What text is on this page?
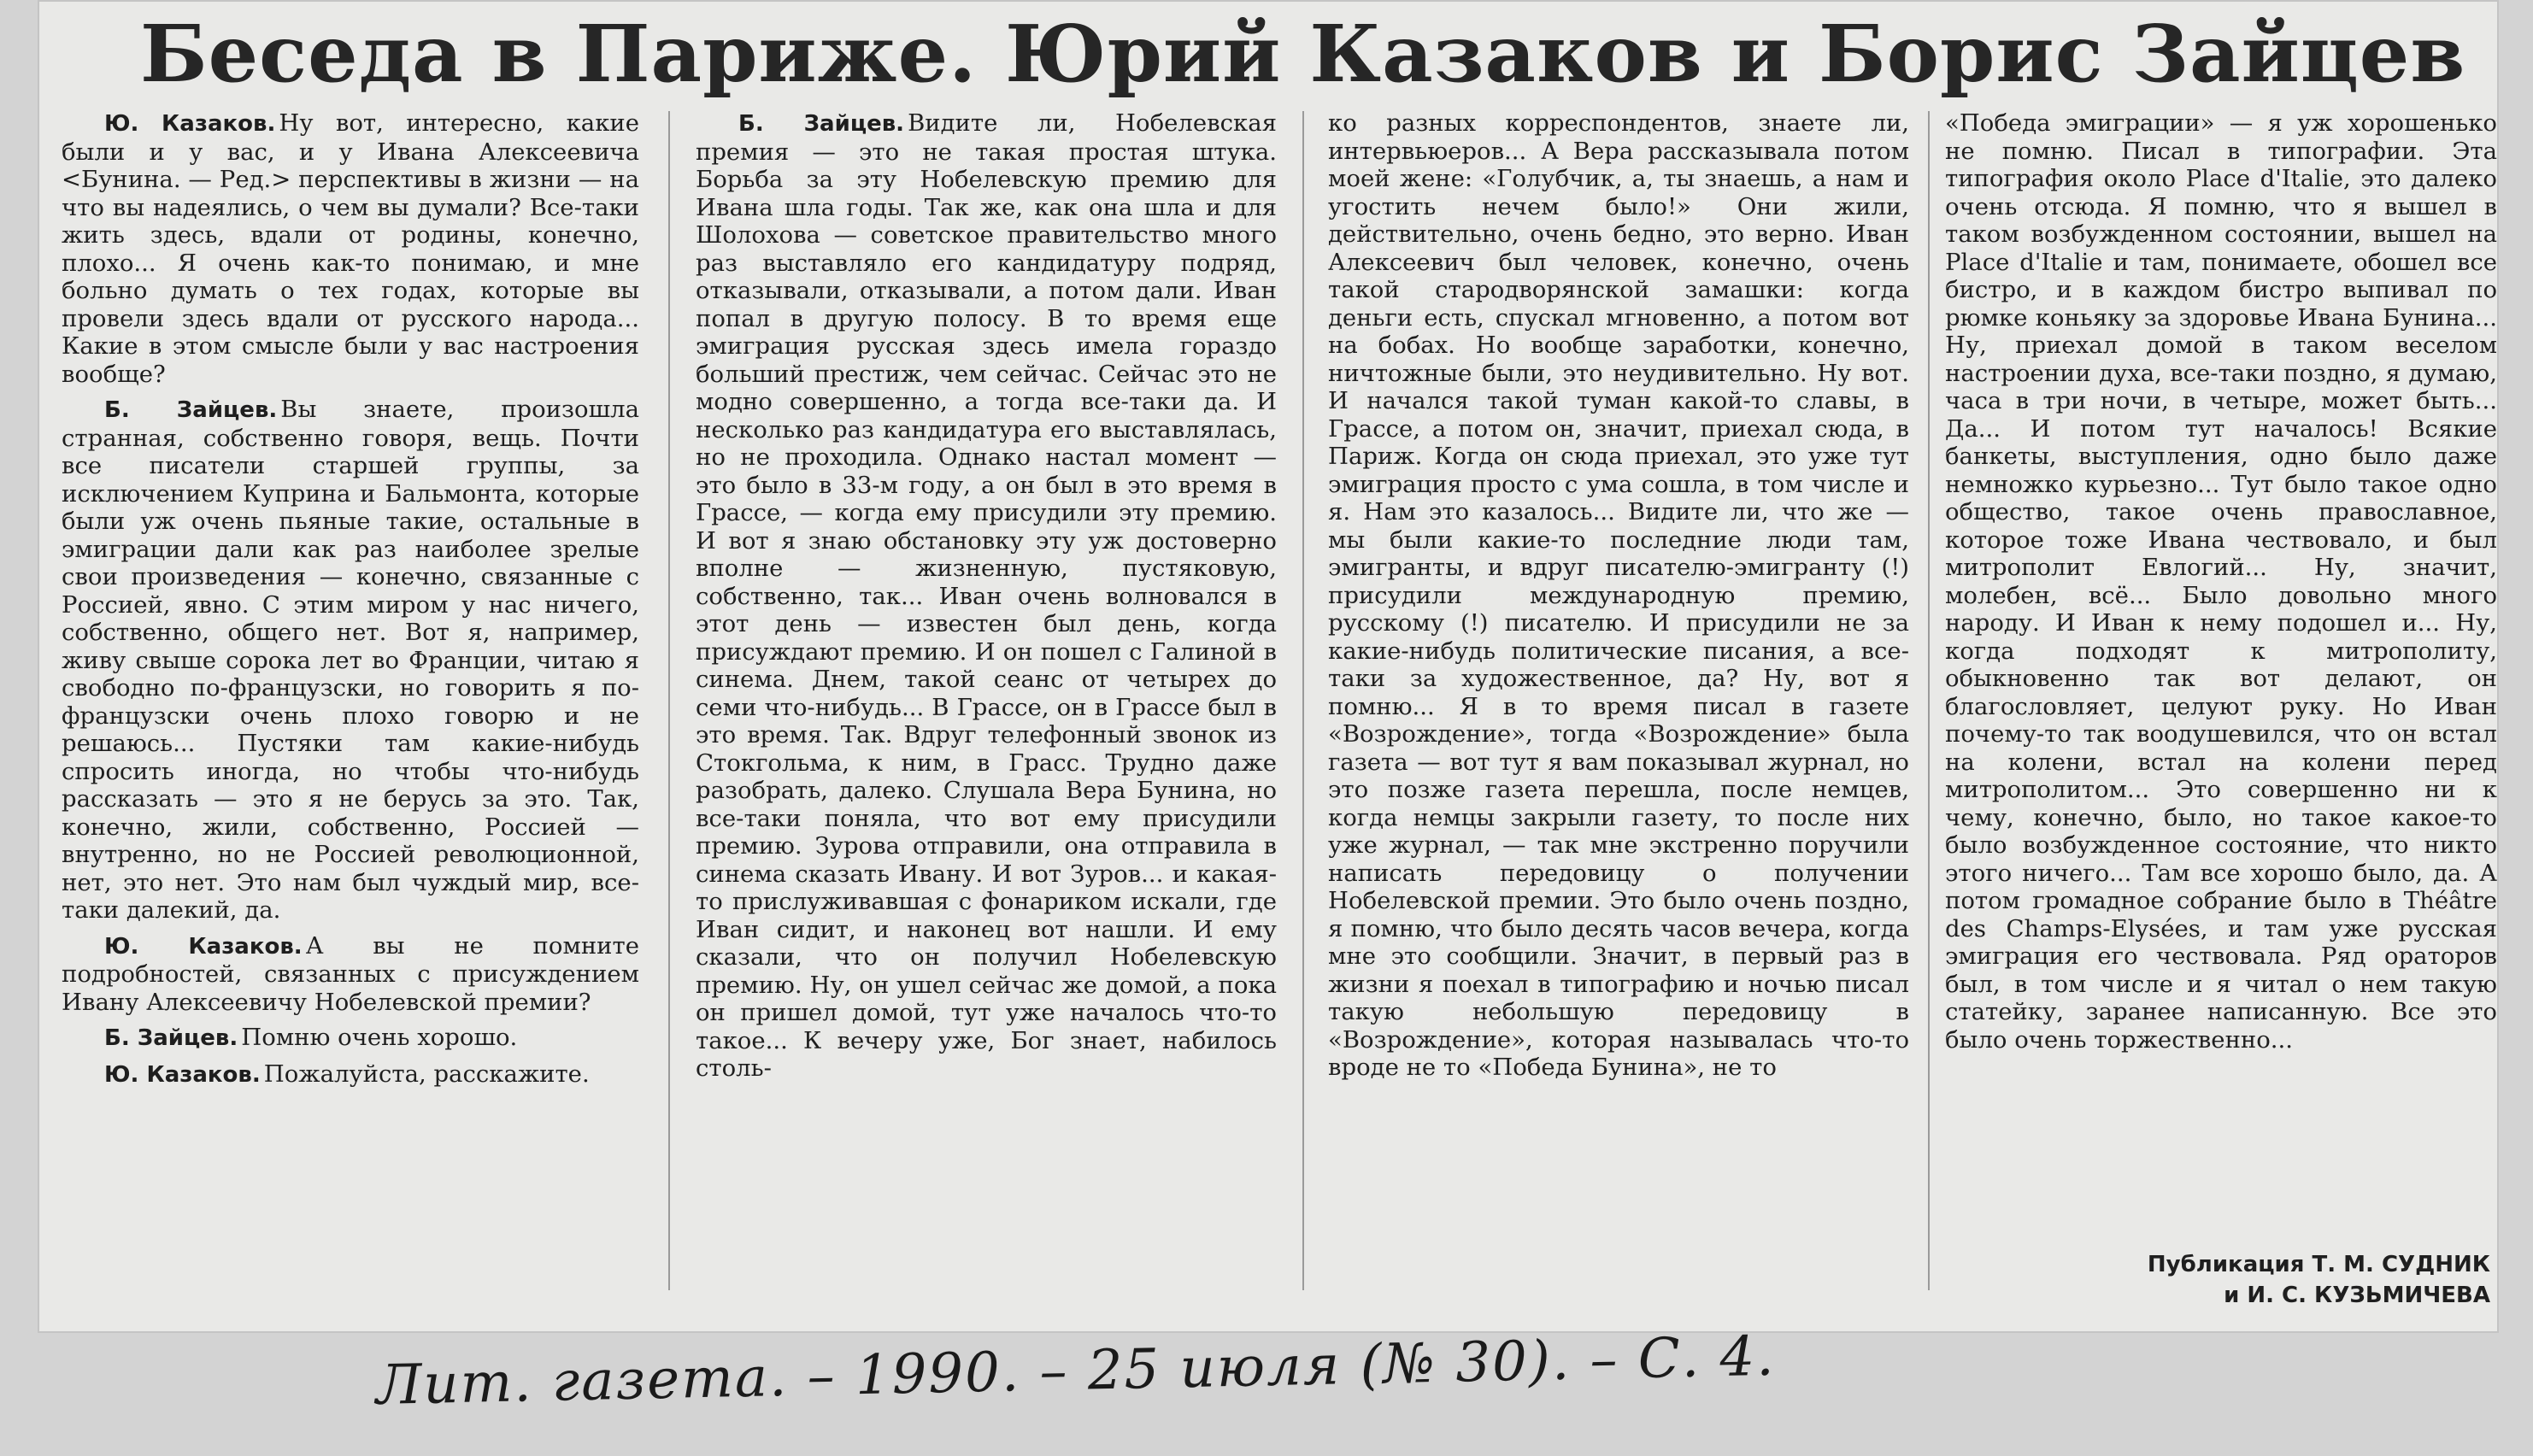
Беседа в Париже. Юрий Казаков и Борис Зайцев

Ю. Казаков. Ну вот, интересно, какие были и у вас, и у Ивана Алексеевича <Бунина. — Ред.> перспективы в жизни — на что вы надеялись, о чем вы думали? Все-таки жить здесь, вдали от родины, конечно, плохо... Я очень как-то понимаю, и мне больно думать о тех годах, которые вы провели здесь вдали от русского народа... Какие в этом смысле были у вас настроения вообще?

Б. Зайцев. Вы знаете, произошла странная, собственно говоря, вещь. Почти все писатели старшей группы, за исключением Куприна и Бальмонта, которые были уж очень пьяные такие, остальные в эмиграции дали как раз наиболее зрелые свои произведения — конечно, связанные с Россией, явно. С этим миром у нас ничего, собственно, общего нет. Вот я, например, живу свыше сорока лет во Франции, читаю я свободно по-французски, но говорить я по-французски очень плохо говорю и не решаюсь... Пустяки там какие-нибудь спросить иногда, но чтобы что-нибудь рассказать — это я не берусь за это. Так, конечно, жили, собственно, Россией — внутренно, но не Россией революционной, нет, это нет. Это нам был чуждый мир, все-таки далекий, да.

Ю. Казаков. А вы не помните подробностей, связанных с присуждением Ивану Алексеевичу Нобелевской премии?

Б. Зайцев. Помню очень хорошо.

Ю. Казаков. Пожалуйста, расскажите.

Б. Зайцев. Видите ли, Нобелевская премия — это не такая простая штука. Борьба за эту Нобелевскую премию для Ивана шла годы. Так же, как она шла и для Шолохова — советское правительство много раз выставляло его кандидатуру подряд, отказывали, отказывали, а потом дали. Иван попал в другую полосу. В то время еще эмиграция русская здесь имела гораздо больший престиж, чем сейчас. Сейчас это не модно совершенно, а тогда все-таки да. И несколько раз кандидатура его выставлялась, но не проходила. Однако настал момент — это было в 33-м году, а он был в это время в Грассе, — когда ему присудили эту премию. И вот я знаю обстановку эту уж достоверно вполне — жизненную, пустяковую, собственно, так... Иван очень волновался в этот день — известен был день, когда присуждают премию. И он пошел с Галиной в синема. Днем, такой сеанс от четырех до семи что-нибудь... В Грассе, он в Грассе был в это время. Так. Вдруг телефонный звонок из Стокгольма, к ним, в Грасс. Трудно даже разобрать, далеко. Слушала Вера Бунина, но все-таки поняла, что вот ему присудили премию. Зурова отправили, она отправила в синема сказать Ивану. И вот Зуров... и какая-то прислуживавшая с фонариком искали, где Иван сидит, и наконец вот нашли. И ему сказали, что он получил Нобелевскую премию. Ну, он ушел сейчас же домой, а пока он пришел домой, тут уже началось что-то такое... К вечеру уже, Бог знает, набилось столь-

ко разных корреспондентов, знаете ли, интервьюеров... А Вера рассказывала потом моей жене: «Голубчик, а, ты знаешь, а нам и угостить нечем было!» Они жили, действительно, очень бедно, это верно. Иван Алексеевич был человек, конечно, очень такой стародворянской замашки: когда деньги есть, спускал мгновенно, а потом вот на бобах. Но вообще заработки, конечно, ничтожные были, это неудивительно. Ну вот. И начался такой туман какой-то славы, в Грассе, а потом он, значит, приехал сюда, в Париж. Когда он сюда приехал, это уже тут эмиграция просто с ума сошла, в том числе и я. Нам это казалось... Видите ли, что же — мы были какие-то последние люди там, эмигранты, и вдруг писателю-эмигранту (!) присудили международную премию, русскому (!) писателю. И присудили не за какие-нибудь политические писания, а все-таки за художественное, да? Ну, вот я помню... Я в то время писал в газете «Возрождение», тогда «Возрождение» была газета — вот тут я вам показывал журнал, но это позже газета перешла, после немцев, когда немцы закрыли газету, то после них уже журнал, — так мне экстренно поручили написать передовицу о получении Нобелевской премии. Это было очень поздно, я помню, что было десять часов вечера, когда мне это сообщили. Значит, в первый раз в жизни я поехал в типографию и ночью писал такую небольшую передовицу в «Возрождение», которая называлась что-то вроде не то «Победа Бунина», не то

«Победа эмиграции» — я уж хорошенько не помню. Писал в типографии. Эта типография около Place d'Italie, это далеко очень отсюда. Я помню, что я вышел в таком возбужденном состоянии, вышел на Place d'Italie и там, понимаете, обошел все бистро, и в каждом бистро выпивал по рюмке коньяку за здоровье Ивана Бунина... Ну, приехал домой в таком веселом настроении духа, все-таки поздно, я думаю, часа в три ночи, в четыре, может быть... Да... И потом тут началось! Всякие банкеты, выступления, одно было даже немножко курьезно... Тут было такое одно общество, такое очень православное, которое тоже Ивана чествовало, и был митрополит Евлогий... Ну, значит, молебен, всё... Было довольно много народу. И Иван к нему подошел и... Ну, когда подходят к митрополиту, обыкновенно так вот делают, он благословляет, целуют руку. Но Иван почему-то так воодушевился, что он встал на колени, встал на колени перед митрополитом... Это совершенно ни к чему, конечно, было, но такое какое-то было возбужденное состояние, что никто этого ничего... Там все хорошо было, да. А потом громадное собрание было в Théâtre des Champs-Elysées, и там уже русская эмиграция его чествовала. Ряд ораторов был, в том числе и я читал о нем такую статейку, заранее написанную. Все это было очень торжественно...

Публикация Т. М. СУДНИК
и И. С. КУЗЬМИЧЕВА
Лит. газета. – 1990. – 25 июля (№ 30). – С. 4.
